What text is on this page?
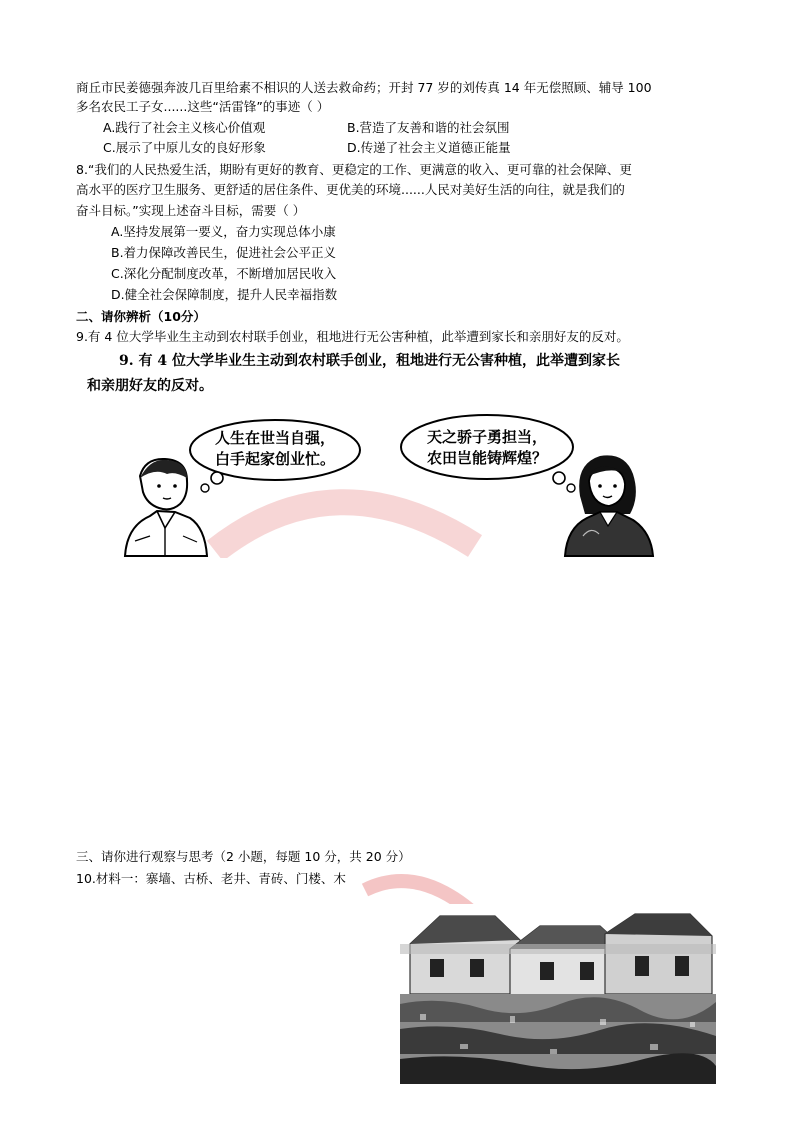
商丘市民姜德强奔波几百里给素不相识的人送去救命药；开封 77 岁的刘传真 14 年无偿照顾、辅导 100
多名农民工子女......这些“活雷锋”的事迹（ ）
A.践行了社会主义核心价值观	B.营造了友善和谐的社会氛围
C.展示了中原儿女的良好形象	D.传递了社会主义道德正能量
8.“我们的人民热爱生活，期盼有更好的教育、更稳定的工作、更满意的收入、更可靠的社会保障、更
高水平的医疗卫生服务、更舒适的居住条件、更优美的环境......人民对美好生活的向往，就是我们的
奋斗目标。”实现上述奋斗目标，需要（ ）
A.坚持发展第一要义，奋力实现总体小康
B.着力保障改善民生，促进社会公平正义
C.深化分配制度改革，不断增加居民收入
D.健全社会保障制度，提升人民幸福指数
二、请你辨析（10分）
9.有 4 位大学毕业生主动到农村联手创业，租地进行无公害种植，此举遭到家长和亲朋好友的反对。
9. 有 4 位大学毕业生主动到农村联手创业，租地进行无公害种植，此举遭到家长
和亲朋好友的反对。
人生在世当自强，
白手起家创业忙。
天之骄子勇担当，
农田岂能铸辉煌？
三、请你进行观察与思考（2 小题，每题 10 分，共 20 分）
10.材料一：寨墙、古桥、老井、青砖、门楼、木
